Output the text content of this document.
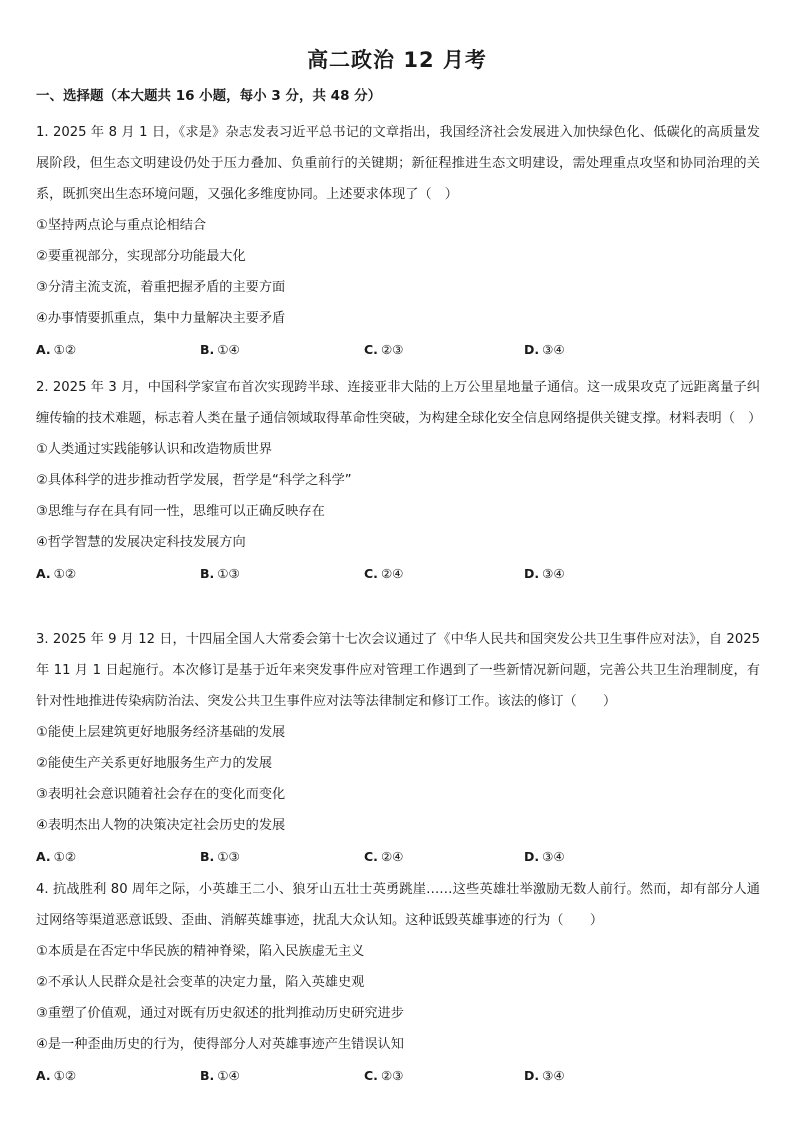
高二政治 12 月考
一、选择题（本大题共 16 小题，每小 3 分，共 48 分）
1. 2025 年 8 月 1 日，《求是》杂志发表习近平总书记的文章指出，我国经济社会发展进入加快绿色化、低碳化的高质量发展阶段，但生态文明建设仍处于压力叠加、负重前行的关键期；新征程推进生态文明建设，需处理重点攻坚和协同治理的关系，既抓突出生态环境问题，又强化多维度协同。上述要求体现了（　）
①坚持两点论与重点论相结合
②要重视部分，实现部分功能最大化
③分清主流支流，着重把握矛盾的主要方面
④办事情要抓重点，集中力量解决主要矛盾
A. ①②	B. ①④	C. ②③	D. ③④
2. 2025 年 3 月，中国科学家宣布首次实现跨半球、连接亚非大陆的上万公里星地量子通信。这一成果攻克了远距离量子纠缠传输的技术难题，标志着人类在量子通信领域取得革命性突破，为构建全球化安全信息网络提供关键支撑。材料表明（　）
①人类通过实践能够认识和改造物质世界
②具体科学的进步推动哲学发展，哲学是“科学之科学”
③思维与存在具有同一性，思维可以正确反映存在
④哲学智慧的发展决定科技发展方向
A. ①②	B. ①③	C. ②④	D. ③④
3. 2025 年 9 月 12 日，十四届全国人大常委会第十七次会议通过了《中华人民共和国突发公共卫生事件应对法》，自 2025 年 11 月 1 日起施行。本次修订是基于近年来突发事件应对管理工作遇到了一些新情况新问题，完善公共卫生治理制度，有针对性地推进传染病防治法、突发公共卫生事件应对法等法律制定和修订工作。该法的修订（　　）
①能使上层建筑更好地服务经济基础的发展
②能使生产关系更好地服务生产力的发展
③表明社会意识随着社会存在的变化而变化
④表明杰出人物的决策决定社会历史的发展
A. ①②	B. ①③	C. ②④	D. ③④
4. 抗战胜利 80 周年之际，小英雄王二小、狼牙山五壮士英勇跳崖……这些英雄壮举激励无数人前行。然而，却有部分人通过网络等渠道恶意诋毁、歪曲、消解英雄事迹，扰乱大众认知。这种诋毁英雄事迹的行为（　　）
①本质是在否定中华民族的精神脊梁，陷入民族虚无主义
②不承认人民群众是社会变革的决定力量，陷入英雄史观
③重塑了价值观，通过对既有历史叙述的批判推动历史研究进步
④是一种歪曲历史的行为，使得部分人对英雄事迹产生错误认知
A. ①②	B. ①④	C. ②③	D. ③④
